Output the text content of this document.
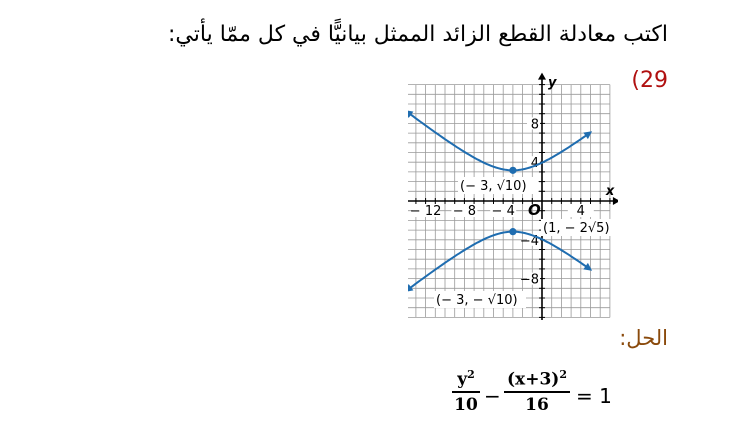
اكتب معادلة القطع الزائد الممثل بيانيًّا في كل ممّا يأتي:
(29
x
y
O
− 12 − 8 − 4	4
8
4
−4
−8
(− 3, √10)
(1, − 2√5)
(− 3, − √10)
الحل:
$\frac{y^2}{10} - \frac{(x+3)^2}{16} = 1$
